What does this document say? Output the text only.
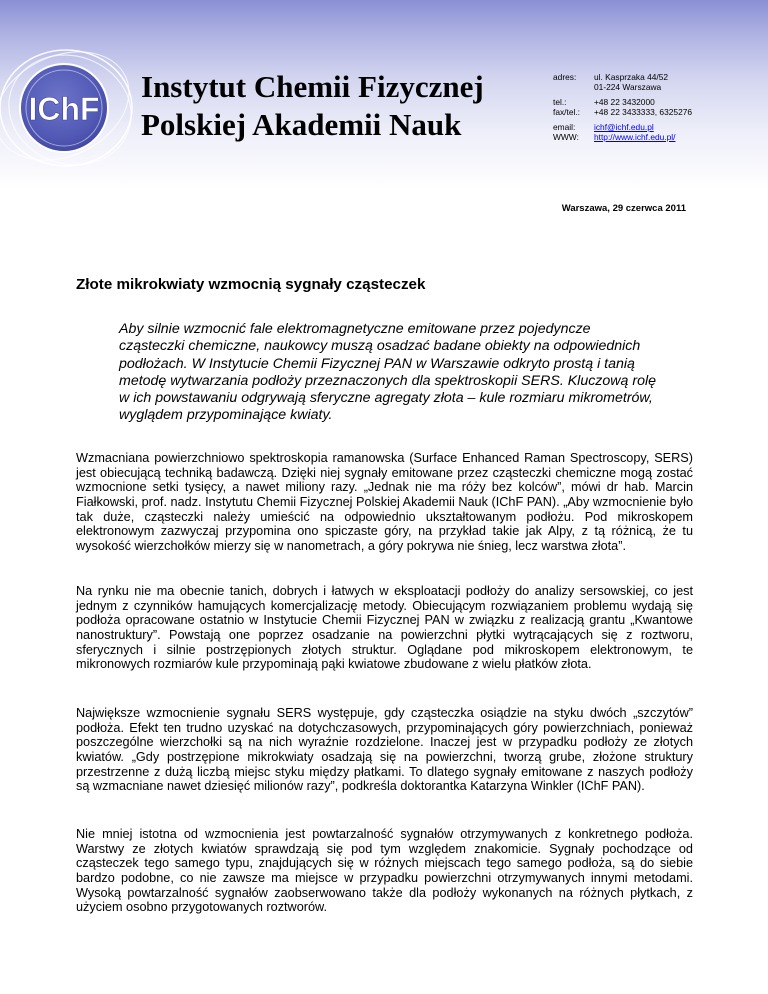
IChF
Instytut Chemii Fizycznej
Polskiej Akademii Nauk
adres:	ul. Kasprzaka 44/52
01-224 Warszawa
tel.:	+48 22 3432000
fax/tel.:	+48 22 3433333, 6325276
email:	ichf@ichf.edu.pl
WWW:	http://www.ichf.edu.pl/
Warszawa, 29 czerwca 2011
Złote mikrokwiaty wzmocnią sygnały cząsteczek
Aby silnie wzmocnić fale elektromagnetyczne emitowane przez pojedyncze cząsteczki chemiczne, naukowcy muszą osadzać badane obiekty na odpowiednich podłożach. W Instytucie Chemii Fizycznej PAN w Warszawie odkryto prostą i tanią metodę wytwarzania podłoży przeznaczonych dla spektroskopii SERS. Kluczową rolę w ich powstawaniu odgrywają sferyczne agregaty złota – kule rozmiaru mikrometrów, wyglądem przypominające kwiaty.
Wzmacniana powierzchniowo spektroskopia ramanowska (Surface Enhanced Raman Spectroscopy, SERS) jest obiecującą techniką badawczą. Dzięki niej sygnały emitowane przez cząsteczki chemiczne mogą zostać wzmocnione setki tysięcy, a nawet miliony razy. „Jednak nie ma róży bez kolców”, mówi dr hab. Marcin Fiałkowski, prof. nadz. Instytutu Chemii Fizycznej Polskiej Akademii Nauk (IChF PAN). „Aby wzmocnienie było tak duże, cząsteczki należy umieścić na odpowiednio ukształtowanym podłożu. Pod mikroskopem elektronowym zazwyczaj przypomina ono spiczaste góry, na przykład takie jak Alpy, z tą różnicą, że tu wysokość wierzchołków mierzy się w nanometrach, a góry pokrywa nie śnieg, lecz warstwa złota”.
Na rynku nie ma obecnie tanich, dobrych i łatwych w eksploatacji podłoży do analizy sersowskiej, co jest jednym z czynników hamujących komercjalizację metody. Obiecującym rozwiązaniem problemu wydają się podłoża opracowane ostatnio w Instytucie Chemii Fizycznej PAN w związku z realizacją grantu „Kwantowe nanostruktury”. Powstają one poprzez osadzanie na powierzchni płytki wytrącających się z roztworu, sferycznych i silnie postrzępionych złotych struktur. Oglądane pod mikroskopem elektronowym, te mikronowych rozmiarów kule przypominają pąki kwiatowe zbudowane z wielu płatków złota.
Największe wzmocnienie sygnału SERS występuje, gdy cząsteczka osiądzie na styku dwóch „szczytów” podłoża. Efekt ten trudno uzyskać na dotychczasowych, przypominających góry powierzchniach, ponieważ poszczególne wierzchołki są na nich wyraźnie rozdzielone. Inaczej jest w przypadku podłoży ze złotych kwiatów. „Gdy postrzępione mikrokwiaty osadzają się na powierzchni, tworzą grube, złożone struktury przestrzenne z dużą liczbą miejsc styku między płatkami. To dlatego sygnały emitowane z naszych podłoży są wzmacniane nawet dziesięć milionów razy”, podkreśla doktorantka Katarzyna Winkler (IChF PAN).
Nie mniej istotna od wzmocnienia jest powtarzalność sygnałów otrzymywanych z konkretnego podłoża. Warstwy ze złotych kwiatów sprawdzają się pod tym względem znakomicie. Sygnały pochodzące od cząsteczek tego samego typu, znajdujących się w różnych miejscach tego samego podłoża, są do siebie bardzo podobne, co nie zawsze ma miejsce w przypadku powierzchni otrzymywanych innymi metodami. Wysoką powtarzalność sygnałów zaobserwowano także dla podłoży wykonanych na różnych płytkach, z użyciem osobno przygotowanych roztworów.
